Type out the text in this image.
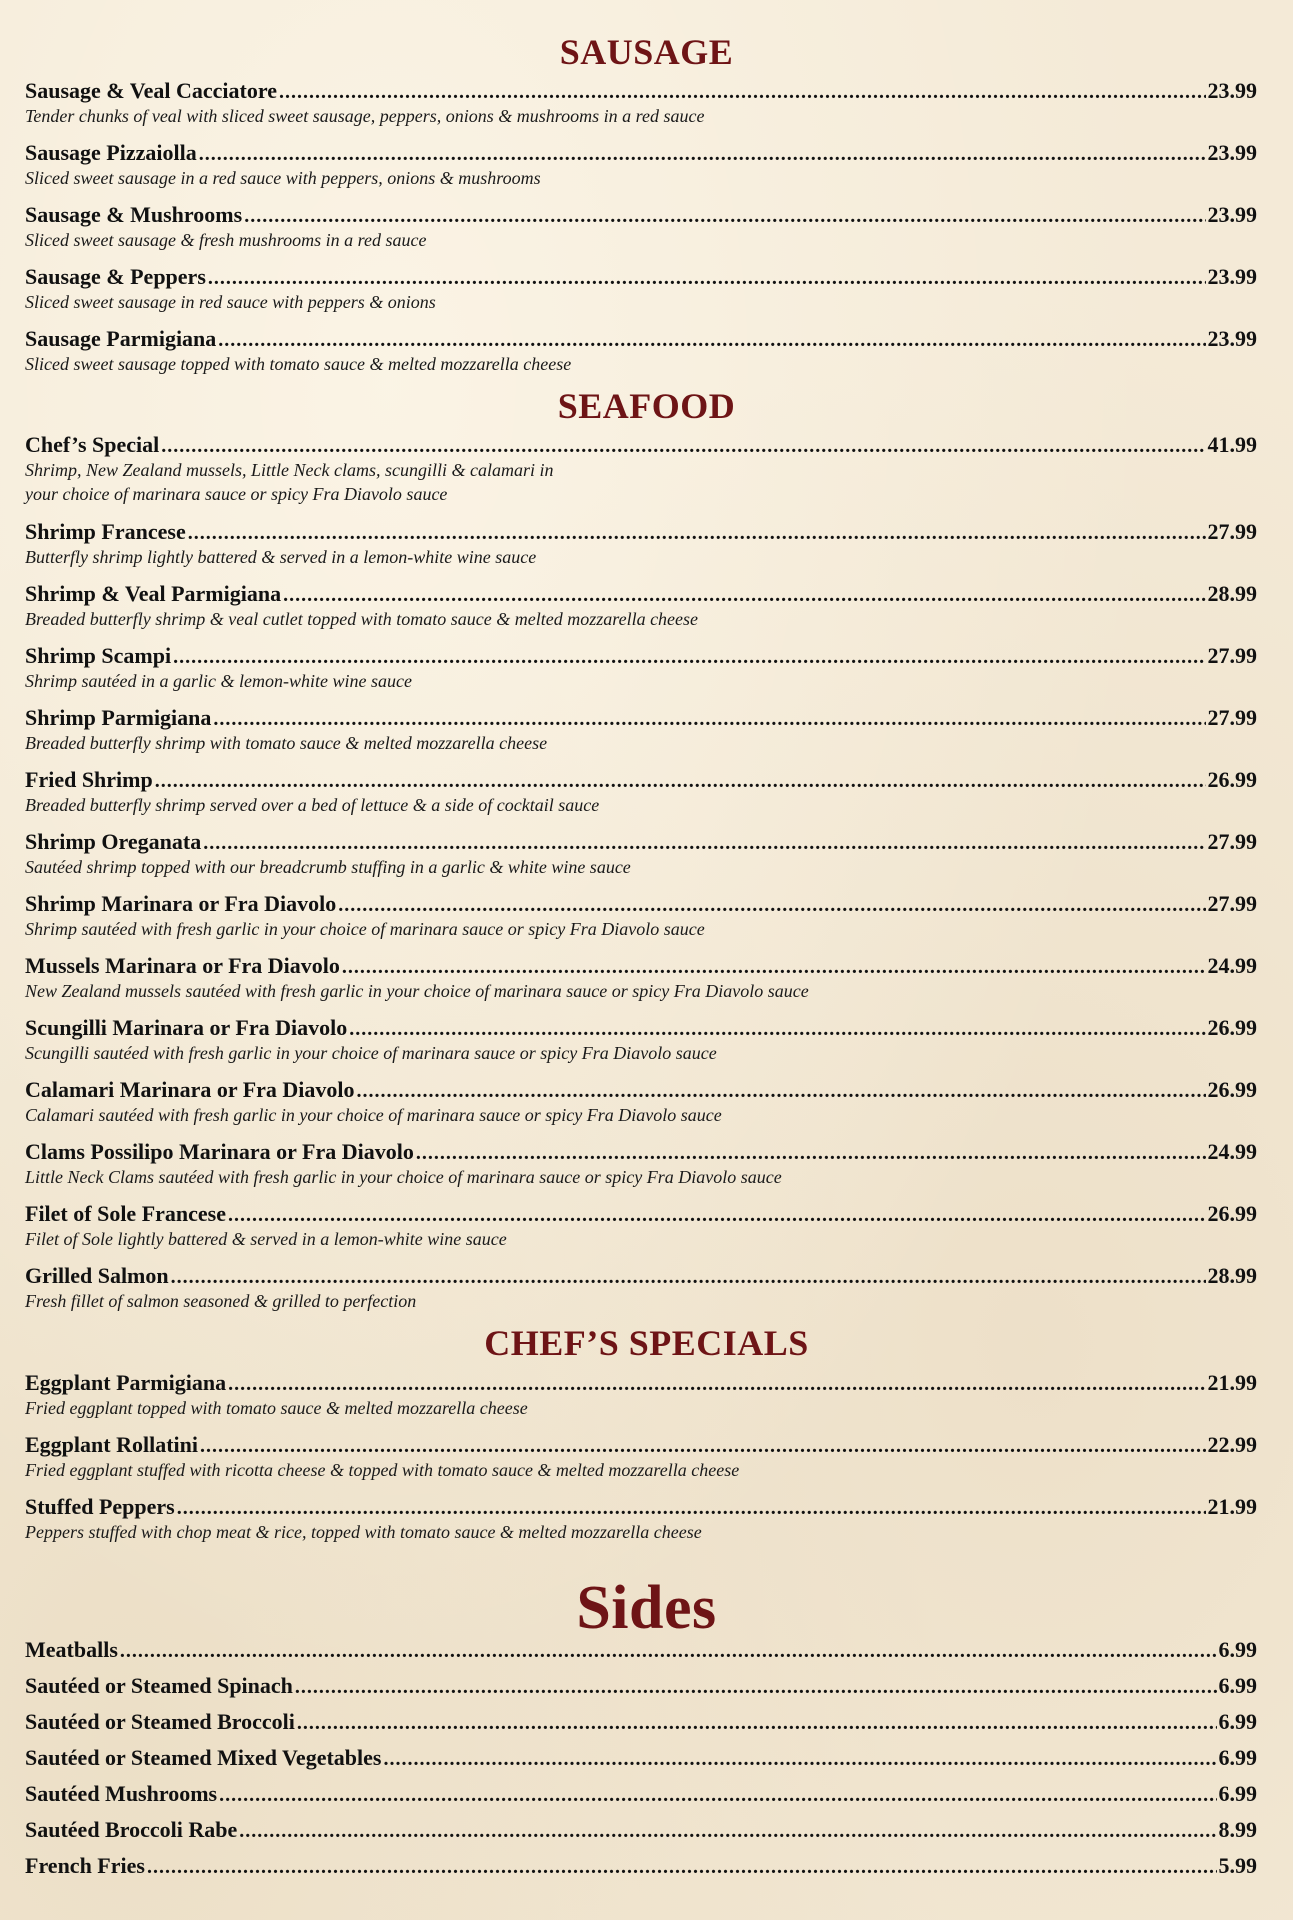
SAUSAGE
Sausage & Veal Cacciatore .....	23.99
Tender chunks of veal with sliced sweet sausage, peppers, onions & mushrooms in a red sauce
Sausage Pizzaiolla .....	23.99
Sliced sweet sausage in a red sauce with peppers, onions & mushrooms
Sausage & Mushrooms .....	23.99
Sliced sweet sausage & fresh mushrooms in a red sauce
Sausage & Peppers .....	23.99
Sliced sweet sausage in red sauce with peppers & onions
Sausage Parmigiana .....	23.99
Sliced sweet sausage topped with tomato sauce & melted mozzarella cheese
SEAFOOD
Chef’s Special .....	41.99
Shrimp, New Zealand mussels, Little Neck clams, scungilli & calamari in
your choice of marinara sauce or spicy Fra Diavolo sauce
Shrimp Francese .....	27.99
Butterfly shrimp lightly battered & served in a lemon-white wine sauce
Shrimp & Veal Parmigiana .....	28.99
Breaded butterfly shrimp & veal cutlet topped with tomato sauce & melted mozzarella cheese
Shrimp Scampi .....	27.99
Shrimp sautéed in a garlic & lemon-white wine sauce
Shrimp Parmigiana .....	27.99
Breaded butterfly shrimp with tomato sauce & melted mozzarella cheese
Fried Shrimp .....	26.99
Breaded butterfly shrimp served over a bed of lettuce & a side of cocktail sauce
Shrimp Oreganata .....	27.99
Sautéed shrimp topped with our breadcrumb stuffing in a garlic & white wine sauce
Shrimp Marinara or Fra Diavolo .....	27.99
Shrimp sautéed with fresh garlic in your choice of marinara sauce or spicy Fra Diavolo sauce
Mussels Marinara or Fra Diavolo .....	24.99
New Zealand mussels sautéed with fresh garlic in your choice of marinara sauce or spicy Fra Diavolo sauce
Scungilli Marinara or Fra Diavolo .....	26.99
Scungilli sautéed with fresh garlic in your choice of marinara sauce or spicy Fra Diavolo sauce
Calamari Marinara or Fra Diavolo .....	26.99
Calamari sautéed with fresh garlic in your choice of marinara sauce or spicy Fra Diavolo sauce
Clams Possilipo Marinara or Fra Diavolo .....	24.99
Little Neck Clams sautéed with fresh garlic in your choice of marinara sauce or spicy Fra Diavolo sauce
Filet of Sole Francese .....	26.99
Filet of Sole lightly battered & served in a lemon-white wine sauce
Grilled Salmon .....	28.99
Fresh fillet of salmon seasoned & grilled to perfection
CHEF’S SPECIALS
Eggplant Parmigiana .....	21.99
Fried eggplant topped with tomato sauce & melted mozzarella cheese
Eggplant Rollatini .....	22.99
Fried eggplant stuffed with ricotta cheese & topped with tomato sauce & melted mozzarella cheese
Stuffed Peppers .....	21.99
Peppers stuffed with chop meat & rice, topped with tomato sauce & melted mozzarella cheese
Sides
Meatballs .....	6.99
Sautéed or Steamed Spinach .....	6.99
Sautéed or Steamed Broccoli .....	6.99
Sautéed or Steamed Mixed Vegetables .....	6.99
Sautéed Mushrooms .....	6.99
Sautéed Broccoli Rabe .....	8.99
French Fries .....	5.99
